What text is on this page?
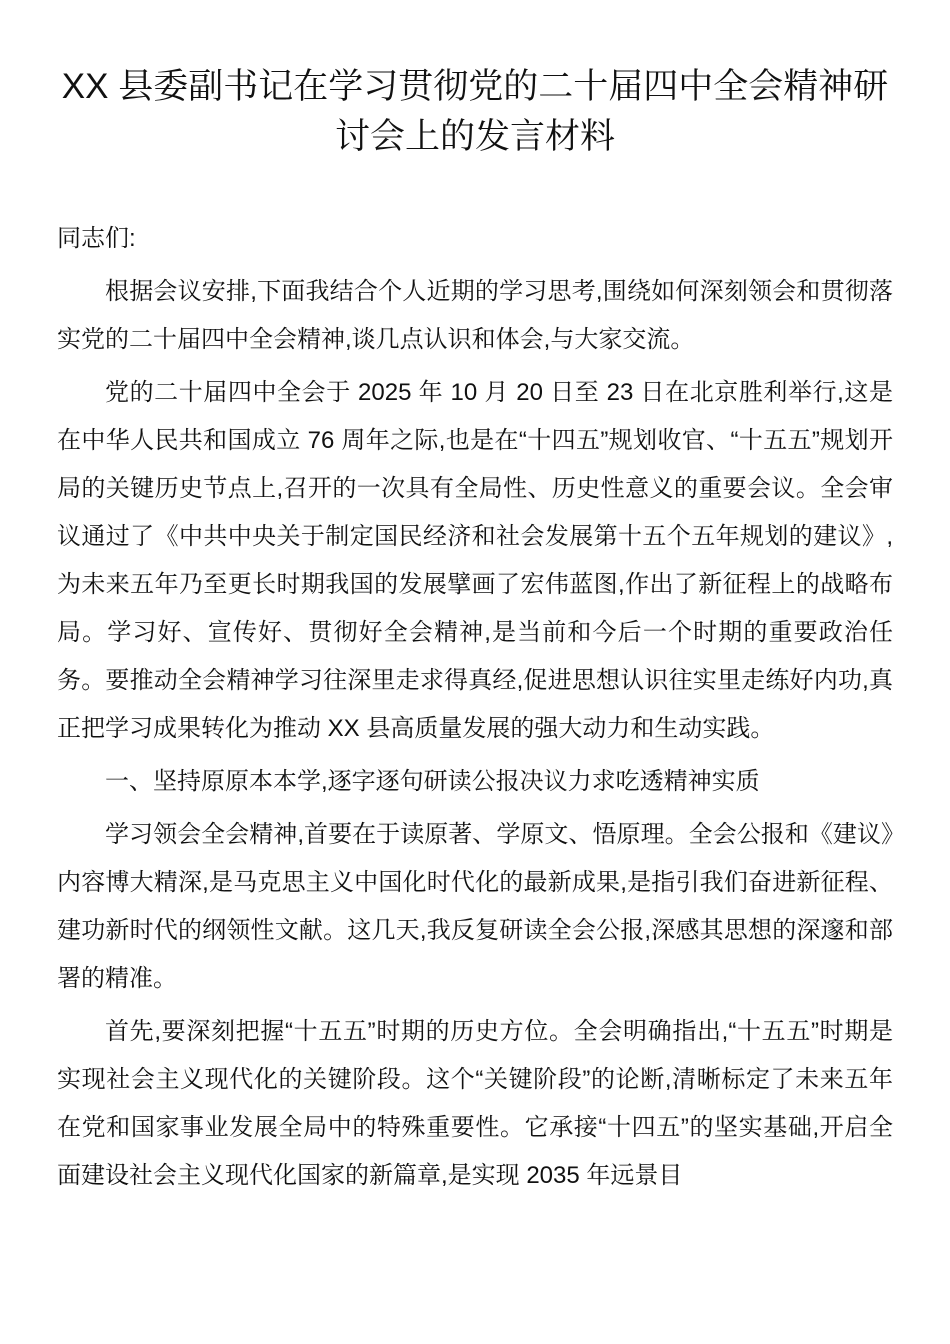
XX 县委副书记在学习贯彻党的二十届四中全会精神研讨会上的发言材料

同志们:

根据会议安排,下面我结合个人近期的学习思考,围绕如何深刻领会和贯彻落实党的二十届四中全会精神,谈几点认识和体会,与大家交流。

党的二十届四中全会于 2025 年 10 月 20 日至 23 日在北京胜利举行,这是在中华人民共和国成立 76 周年之际,也是在“十四五”规划收官、“十五五”规划开局的关键历史节点上,召开的一次具有全局性、历史性意义的重要会议。全会审议通过了《中共中央关于制定国民经济和社会发展第十五个五年规划的建议》,为未来五年乃至更长时期我国的发展擘画了宏伟蓝图,作出了新征程上的战略布局。学习好、宣传好、贯彻好全会精神,是当前和今后一个时期的重要政治任务。要推动全会精神学习往深里走求得真经,促进思想认识往实里走练好内功,真正把学习成果转化为推动 XX 县高质量发展的强大动力和生动实践。

一、坚持原原本本学,逐字逐句研读公报决议力求吃透精神实质

学习领会全会精神,首要在于读原著、学原文、悟原理。全会公报和《建议》内容博大精深,是马克思主义中国化时代化的最新成果,是指引我们奋进新征程、建功新时代的纲领性文献。这几天,我反复研读全会公报,深感其思想的深邃和部署的精准。

首先,要深刻把握“十五五”时期的历史方位。全会明确指出,“十五五”时期是实现社会主义现代化的关键阶段。这个“关键阶段”的论断,清晰标定了未来五年在党和国家事业发展全局中的特殊重要性。它承接“十四五”的坚实基础,开启全面建设社会主义现代化国家的新篇章,是实现 2035 年远景目
